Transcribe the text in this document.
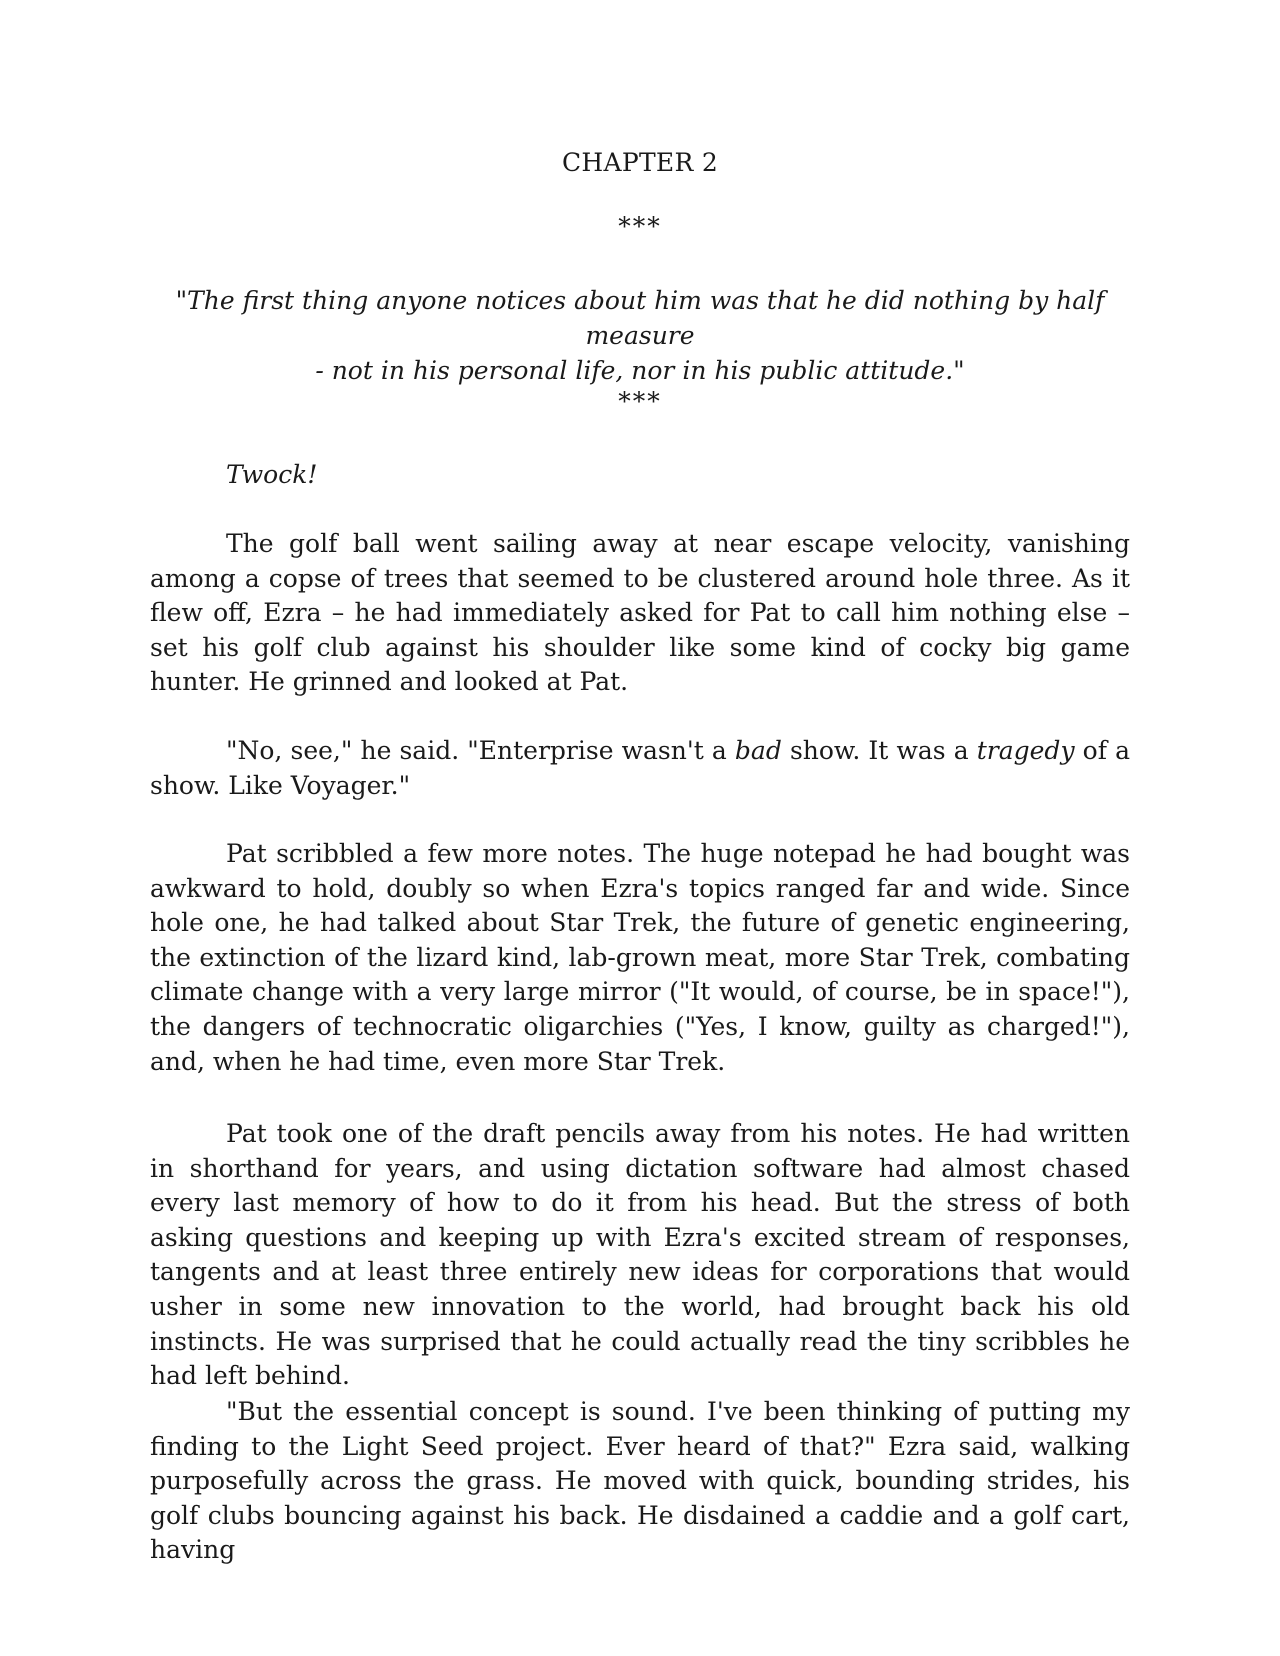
CHAPTER 2
***
"The first thing anyone notices about him was that he did nothing by half measure
- not in his personal life, nor in his public attitude."
***

Twock!

The golf ball went sailing away at near escape velocity, vanishing among a copse of trees that seemed to be clustered around hole three. As it flew off, Ezra – he had immediately asked for Pat to call him nothing else – set his golf club against his shoulder like some kind of cocky big game hunter. He grinned and looked at Pat.

"No, see," he said. "Enterprise wasn't a bad show. It was a tragedy of a show. Like Voyager."

Pat scribbled a few more notes. The huge notepad he had bought was awkward to hold, doubly so when Ezra's topics ranged far and wide. Since hole one, he had talked about Star Trek, the future of genetic engineering, the extinction of the lizard kind, lab-grown meat, more Star Trek, combating climate change with a very large mirror ("It would, of course, be in space!"), the dangers of technocratic oligarchies ("Yes, I know, guilty as charged!"), and, when he had time, even more Star Trek.

Pat took one of the draft pencils away from his notes. He had written in shorthand for years, and using dictation software had almost chased every last memory of how to do it from his head. But the stress of both asking questions and keeping up with Ezra's excited stream of responses, tangents and at least three entirely new ideas for corporations that would usher in some new innovation to the world, had brought back his old instincts. He was surprised that he could actually read the tiny scribbles he had left behind.

"But the essential concept is sound. I've been thinking of putting my finding to the Light Seed project. Ever heard of that?" Ezra said, walking purposefully across the grass. He moved with quick, bounding strides, his golf clubs bouncing against his back. He disdained a caddie and a golf cart, having
